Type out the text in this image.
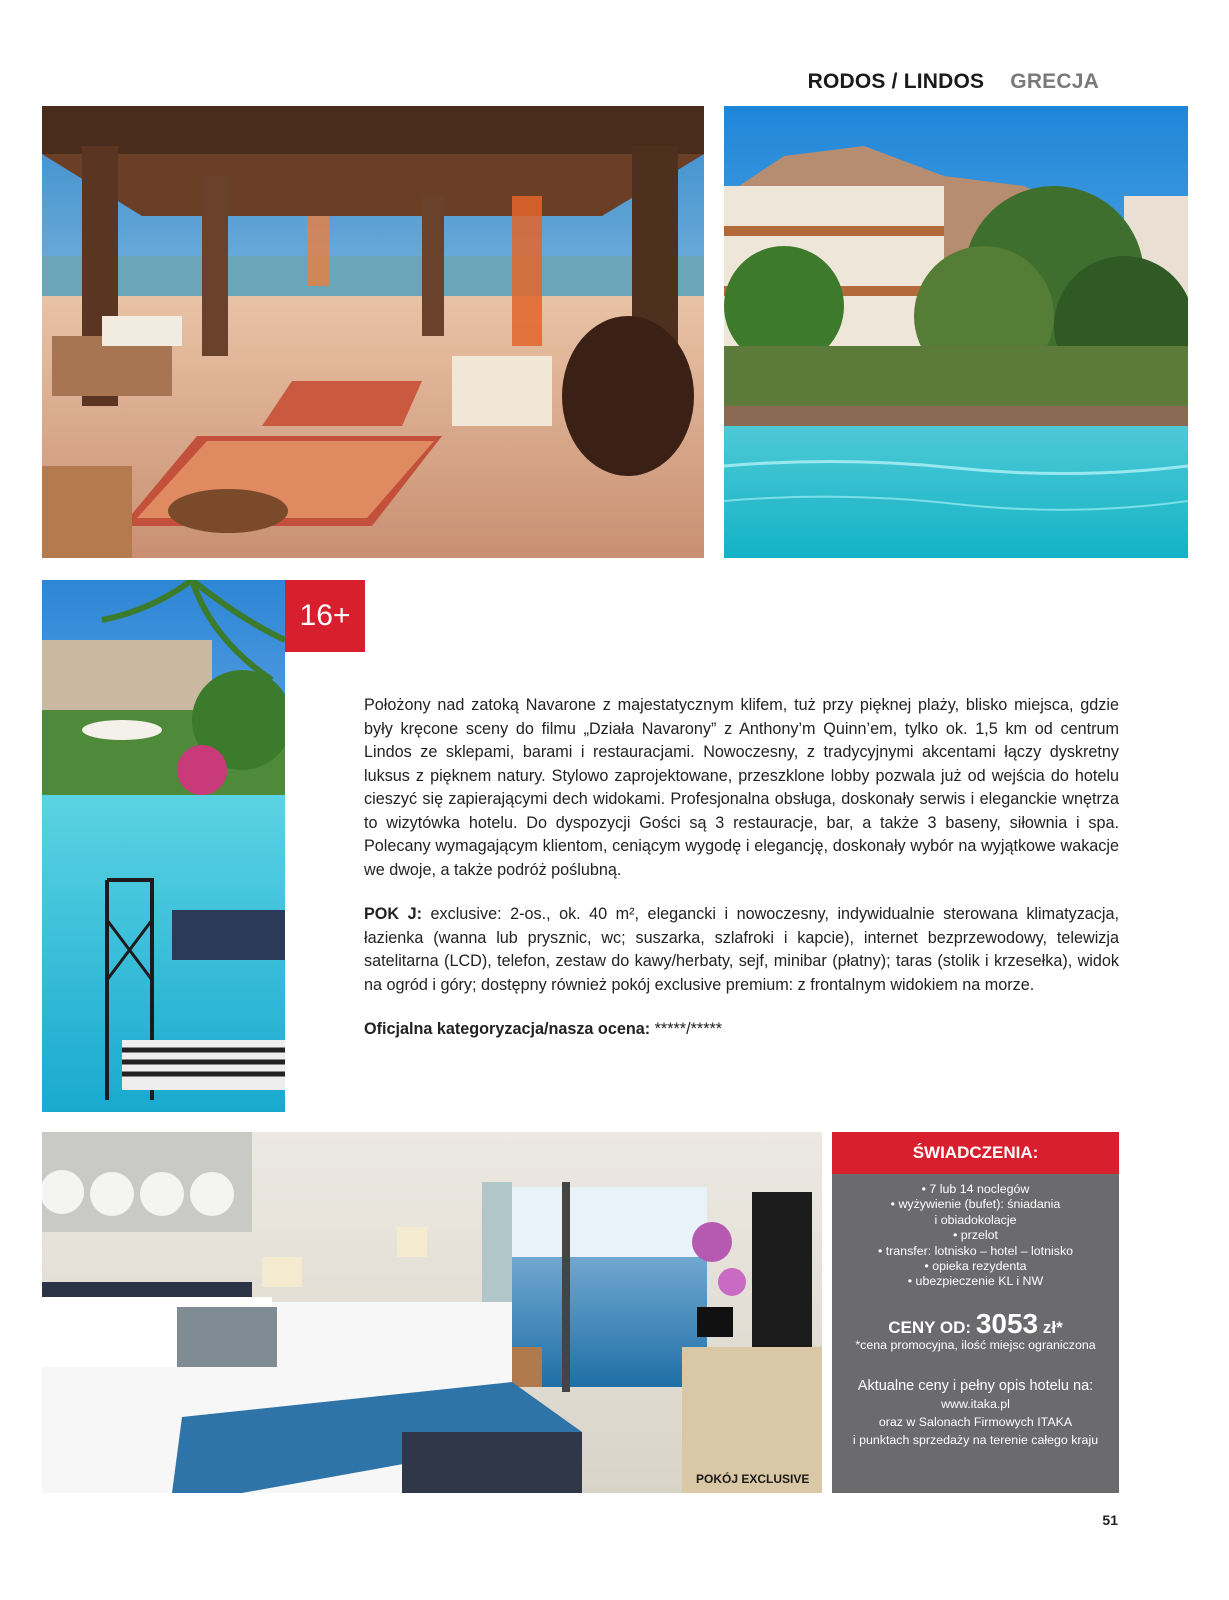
RODOS / LINDOS GRECJA
16+

Położony nad zatoką Navarone z majestatycznym klifem, tuż przy pięknej plaży, blisko miejsca, gdzie były kręcone sceny do filmu „Działa Navarony” z Anthony’m Quinn’em, tylko ok. 1,5 km od centrum Lindos ze sklepami, barami i restauracjami. Nowoczesny, z tradycyjnymi akcentami łączy dyskretny luksus z pięknem natury. Stylowo zaprojektowane, przeszklone lobby pozwala już od wejścia do hotelu cieszyć się zapierającymi dech widokami. Profesjonalna obsługa, doskonały serwis i eleganckie wnętrza to wizytówka hotelu. Do dyspozycji Gości są 3 restauracje, bar, a także 3 baseny, siłownia i spa. Polecany wymagającym klientom, ceniącym wygodę i elegancję, doskonały wybór na wyjątkowe wakacje we dwoje, a także podróż poślubną.

POK J: exclusive: 2-os., ok. 40 m², elegancki i nowoczesny, indywidualnie sterowana klimatyzacja, łazienka (wanna lub prysznic, wc; suszarka, szlafroki i kapcie), internet bezprzewodowy, telewizja satelitarna (LCD), telefon, zestaw do kawy/herbaty, sejf, minibar (płatny); taras (stolik i krzesełka), widok na ogród i góry; dostępny również pokój exclusive premium: z frontalnym widokiem na morze.

Oficjalna kategoryzacja/nasza ocena: *****/*****

POKÓJ EXCLUSIVE
ŚWIADCZENIA:
• 7 lub 14 noclegów
• wyżywienie (bufet): śniadania
i obiadokolacje
• przelot
• transfer: lotnisko – hotel – lotnisko
• opieka rezydenta
• ubezpieczenie KL i NW
CENY OD: 3053 zł*
*cena promocyjna, ilość miejsc ograniczona
Aktualne ceny i pełny opis hotelu na:
www.itaka.pl
oraz w Salonach Firmowych ITAKA
i punktach sprzedaży na terenie całego kraju
51
